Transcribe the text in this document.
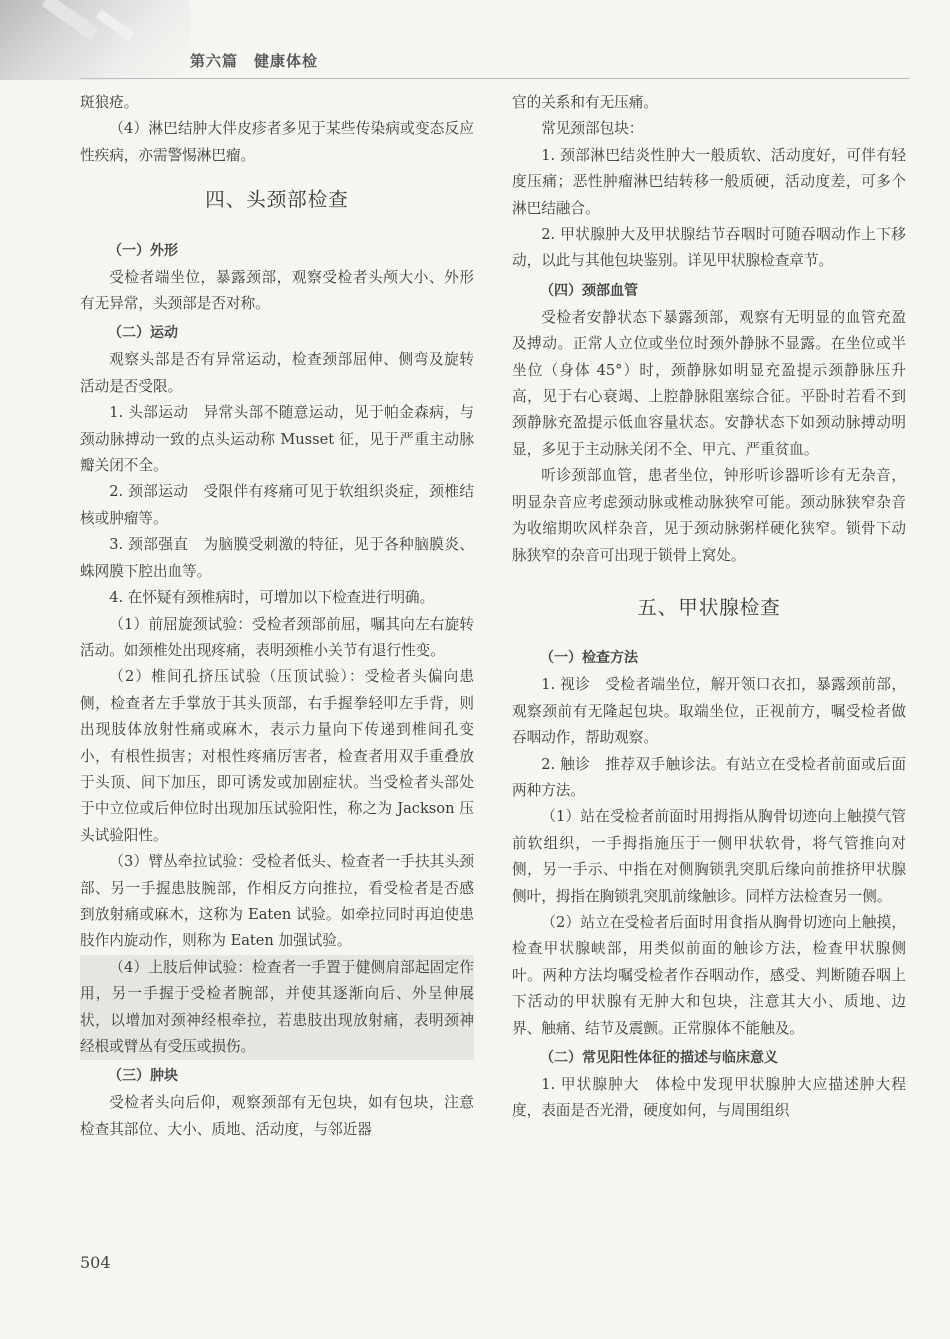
第六篇　健康体检

斑狼疮。

（4）淋巴结肿大伴皮疹者多见于某些传染病或变态反应性疾病，亦需警惕淋巴瘤。

四、头颈部检查
（一）外形

受检者端坐位，暴露颈部，观察受检者头颅大小、外形有无异常，头颈部是否对称。

（二）运动

观察头部是否有异常运动，检查颈部屈伸、侧弯及旋转活动是否受限。

1. 头部运动　异常头部不随意运动，见于帕金森病，与颈动脉搏动一致的点头运动称 Musset 征，见于严重主动脉瓣关闭不全。

2. 颈部运动　受限伴有疼痛可见于软组织炎症，颈椎结核或肿瘤等。

3. 颈部强直　为脑膜受刺激的特征，见于各种脑膜炎、蛛网膜下腔出血等。

4. 在怀疑有颈椎病时，可增加以下检查进行明确。

（1）前屈旋颈试验：受检者颈部前屈，嘱其向左右旋转活动。如颈椎处出现疼痛，表明颈椎小关节有退行性变。

（2）椎间孔挤压试验（压顶试验）：受检者头偏向患侧，检查者左手掌放于其头顶部，右手握拳轻叩左手背，则出现肢体放射性痛或麻木，表示力量向下传递到椎间孔变小，有根性损害；对根性疼痛厉害者，检查者用双手重叠放于头顶、间下加压，即可诱发或加剧症状。当受检者头部处于中立位或后伸位时出现加压试验阳性，称之为 Jackson 压头试验阳性。

（3）臂丛牵拉试验：受检者低头、检查者一手扶其头颈部、另一手握患肢腕部，作相反方向推拉，看受检者是否感到放射痛或麻木，这称为 Eaten 试验。如牵拉同时再迫使患肢作内旋动作，则称为 Eaten 加强试验。

（4）上肢后伸试验：检查者一手置于健侧肩部起固定作用，另一手握于受检者腕部，并使其逐渐向后、外呈伸展状，以增加对颈神经根牵拉，若患肢出现放射痛，表明颈神经根或臂丛有受压或损伤。

（三）肿块

受检者头向后仰，观察颈部有无包块，如有包块，注意检查其部位、大小、质地、活动度，与邻近器

官的关系和有无压痛。

常见颈部包块：

1. 颈部淋巴结炎性肿大一般质软、活动度好，可伴有轻度压痛；恶性肿瘤淋巴结转移一般质硬，活动度差，可多个淋巴结融合。

2. 甲状腺肿大及甲状腺结节吞咽时可随吞咽动作上下移动，以此与其他包块鉴别。详见甲状腺检查章节。

（四）颈部血管

受检者安静状态下暴露颈部，观察有无明显的血管充盈及搏动。正常人立位或坐位时颈外静脉不显露。在坐位或半坐位（身体 45°）时，颈静脉如明显充盈提示颈静脉压升高，见于右心衰竭、上腔静脉阻塞综合征。平卧时若看不到颈静脉充盈提示低血容量状态。安静状态下如颈动脉搏动明显，多见于主动脉关闭不全、甲亢、严重贫血。

听诊颈部血管，患者坐位，钟形听诊器听诊有无杂音，明显杂音应考虑颈动脉或椎动脉狭窄可能。颈动脉狭窄杂音为收缩期吹风样杂音，见于颈动脉粥样硬化狭窄。锁骨下动脉狭窄的杂音可出现于锁骨上窝处。

五、甲状腺检查
（一）检查方法

1. 视诊　受检者端坐位，解开领口衣扣，暴露颈前部，观察颈前有无隆起包块。取端坐位，正视前方，嘱受检者做吞咽动作，帮助观察。

2. 触诊　推荐双手触诊法。有站立在受检者前面或后面两种方法。

（1）站在受检者前面时用拇指从胸骨切迹向上触摸气管前软组织，一手拇指施压于一侧甲状软骨，将气管推向对侧，另一手示、中指在对侧胸锁乳突肌后缘向前推挤甲状腺侧叶，拇指在胸锁乳突肌前缘触诊。同样方法检查另一侧。

（2）站立在受检者后面时用食指从胸骨切迹向上触摸，检查甲状腺峡部，用类似前面的触诊方法，检查甲状腺侧叶。两种方法均嘱受检者作吞咽动作，感受、判断随吞咽上下活动的甲状腺有无肿大和包块，注意其大小、质地、边界、触痛、结节及震颤。正常腺体不能触及。

（二）常见阳性体征的描述与临床意义

1. 甲状腺肿大　体检中发现甲状腺肿大应描述肿大程度，表面是否光滑，硬度如何，与周围组织

504
